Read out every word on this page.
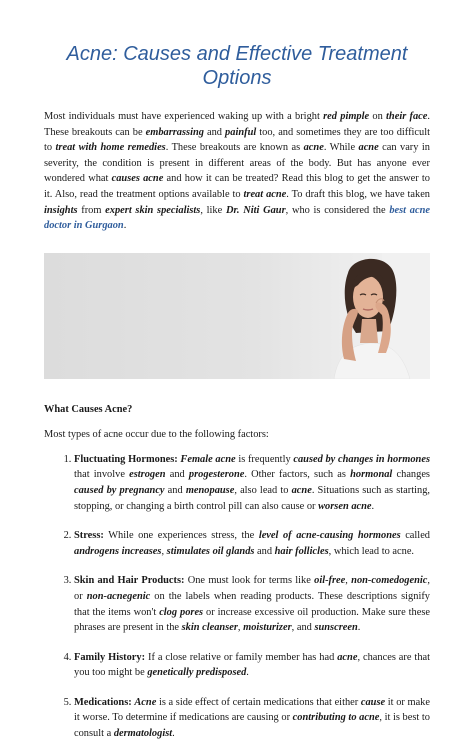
Acne: Causes and Effective Treatment Options

Most individuals must have experienced waking up with a bright red pimple on their face. These breakouts can be embarrassing and painful too, and sometimes they are too difficult to treat with home remedies. These breakouts are known as acne. While acne can vary in severity, the condition is present in different areas of the body. But has anyone ever wondered what causes acne and how it can be treated? Read this blog to get the answer to it. Also, read the treatment options available to treat acne. To draft this blog, we have taken insights from expert skin specialists, like Dr. Niti Gaur, who is considered the best acne doctor in Gurgaon.

What Causes Acne?

Most types of acne occur due to the following factors:

1. Fluctuating Hormones: Female acne is frequently caused by changes in hormones that involve estrogen and progesterone. Other factors, such as hormonal changes caused by pregnancy and menopause, also lead to acne. Situations such as starting, stopping, or changing a birth control pill can also cause or worsen acne.
2. Stress: While one experiences stress, the level of acne-causing hormones called androgens increases, stimulates oil glands and hair follicles, which lead to acne.
3. Skin and Hair Products: One must look for terms like oil-free, non-comedogenic, or non-acnegenic on the labels when reading products. These descriptions signify that the items won't clog pores or increase excessive oil production. Make sure these phrases are present in the skin cleanser, moisturizer, and sunscreen.
4. Family History: If a close relative or family member has had acne, chances are that you too might be genetically predisposed.
5. Medications: Acne is a side effect of certain medications that either cause it or make it worse. To determine if medications are causing or contributing to acne, it is best to consult a dermatologist.
